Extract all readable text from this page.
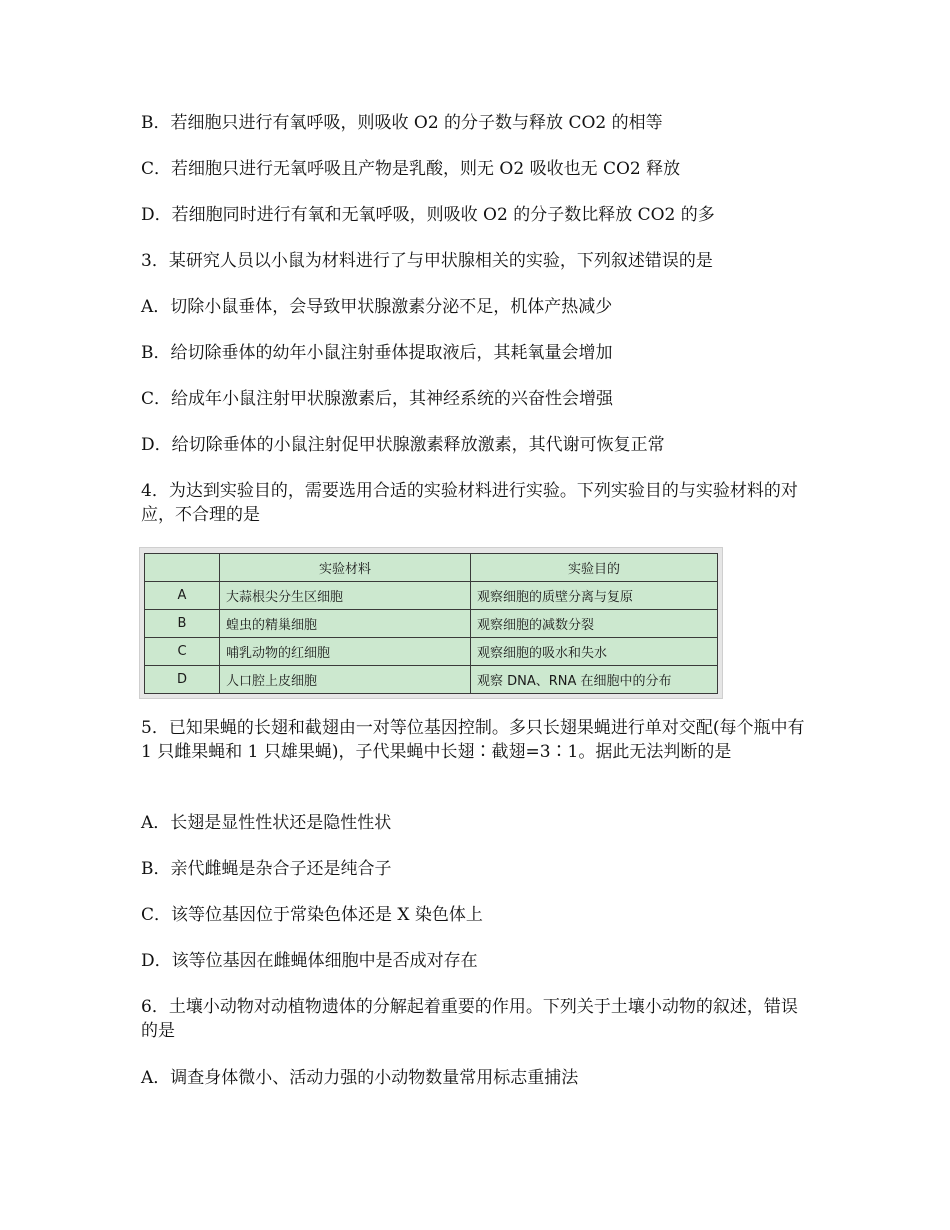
B．若细胞只进行有氧呼吸，则吸收 O2 的分子数与释放 CO2 的相等
C．若细胞只进行无氧呼吸且产物是乳酸，则无 O2 吸收也无 CO2 释放
D．若细胞同时进行有氧和无氧呼吸，则吸收 O2 的分子数比释放 CO2 的多
3．某研究人员以小鼠为材料进行了与甲状腺相关的实验，下列叙述错误的是
A．切除小鼠垂体，会导致甲状腺激素分泌不足，机体产热减少
B．给切除垂体的幼年小鼠注射垂体提取液后，其耗氧量会增加
C．给成年小鼠注射甲状腺激素后，其神经系统的兴奋性会增强
D．给切除垂体的小鼠注射促甲状腺激素释放激素，其代谢可恢复正常
4．为达到实验目的，需要选用合适的实验材料进行实验。下列实验目的与实验材料的对应，不合理的是
	实验材料	实验目的
A	大蒜根尖分生区细胞	观察细胞的质壁分离与复原
B	蝗虫的精巢细胞	观察细胞的减数分裂
C	哺乳动物的红细胞	观察细胞的吸水和失水
D	人口腔上皮细胞	观察 DNA、RNA 在细胞中的分布
5．已知果蝇的长翅和截翅由一对等位基因控制。多只长翅果蝇进行单对交配(每个瓶中有 1 只雌果蝇和 1 只雄果蝇)，子代果蝇中长翅∶截翅=3∶1。据此无法判断的是
A．长翅是显性性状还是隐性性状
B．亲代雌蝇是杂合子还是纯合子
C．该等位基因位于常染色体还是 X 染色体上
D．该等位基因在雌蝇体细胞中是否成对存在
6．土壤小动物对动植物遗体的分解起着重要的作用。下列关于土壤小动物的叙述，错误的是
A．调查身体微小、活动力强的小动物数量常用标志重捕法
